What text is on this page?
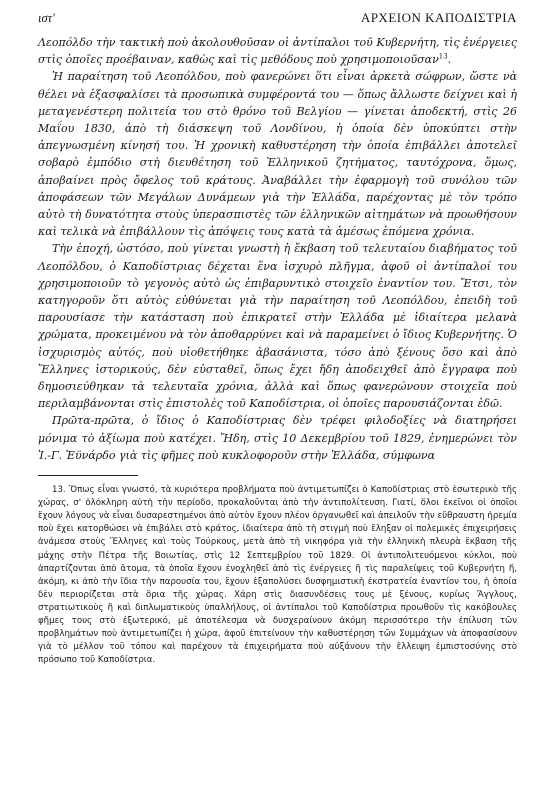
ιστ'	ΑΡΧΕΙΟΝ ΚΑΠΟΔΙΣΤΡΙΑ

Λεοπόλδο τὴν τακτικὴ ποὺ ἀκολουθοῦσαν οἱ ἀντίπαλοι τοῦ Κυβερνήτη, τὶς ἐνέργειες στὶς ὁποῖες προέβαιναν, καθὼς καὶ τὶς μεθόδους ποὺ χρησιμοποιοῦσαν$^{13}$.

Ἡ παραίτηση τοῦ Λεοπόλδου, ποὺ φανερώνει ὅτι εἶναι ἀρκετὰ σώφρων, ὥστε νὰ θέλει νὰ ἐξασφαλίσει τὰ προσωπικὰ συμφέροντά του — ὅπως ἄλλωστε δείχνει καὶ ἡ μεταγενέστερη πολιτεία του στὸ θρόνο τοῦ Βελγίου — γίνεται ἀποδεκτή, στὶς 26 Μαΐου 1830, ἀπὸ τὴ διάσκεψη τοῦ Λονδίνου, ἡ ὁποία δὲν ὑποκύπτει στὴν ἀπεγνωσμένη κίνησή του. Ἡ χρονικὴ καθυστέρηση τὴν ὁποία ἐπιβάλλει ἀποτελεῖ σοβαρὸ ἐμπόδιο στὴ διευθέτηση τοῦ Ἑλληνικοῦ ζητήματος, ταυτόχρονα, ὅμως, ἀποβαίνει πρὸς ὄφελος τοῦ κράτους. Ἀναβάλλει τὴν ἐφαρμογὴ τοῦ συνόλου τῶν ἀποφάσεων τῶν Μεγάλων Δυνάμεων γιὰ τὴν Ἑλλάδα, παρέχοντας μὲ τὸν τρόπο αὐτὸ τὴ δυνατότητα στοὺς ὑπερασπιστὲς τῶν ἑλληνικῶν αἰτημάτων νὰ προωθήσουν καὶ τελικὰ νὰ ἐπιβάλλουν τὶς ἀπόψεις τους κατὰ τὰ ἀμέσως ἑπόμενα χρόνια.

Τὴν ἐποχή, ὡστόσο, ποὺ γίνεται γνωστὴ ἡ ἔκβαση τοῦ τελευταίου διαβήματος τοῦ Λεοπόλδου, ὁ Καποδίστριας δέχεται ἕνα ἰσχυρὸ πλῆγμα, ἀφοῦ οἱ ἀντίπαλοί του χρησιμοποιοῦν τὸ γεγονὸς αὐτὸ ὡς ἐπιβαρυντικὸ στοιχεῖο ἐναντίον του. Ἔτσι, τὸν κατηγοροῦν ὅτι αὐτὸς εὐθύνεται γιὰ τὴν παραίτηση τοῦ Λεοπόλδου, ἐπειδὴ τοῦ παρουσίασε τὴν κατάσταση ποὺ ἐπικρατεῖ στὴν Ἑλλάδα μὲ ἰδιαίτερα μελανὰ χρώματα, προκειμένου νὰ τὸν ἀποθαρρύνει καὶ νὰ παραμείνει ὁ ἴδιος Κυβερνήτης. Ὁ ἰσχυρισμὸς αὐτός, ποὺ υἱοθετήθηκε ἀβασάνιστα, τόσο ἀπὸ ξένους ὅσο καὶ ἀπὸ Ἕλληνες ἱστορικούς, δὲν εὐσταθεῖ, ὅπως ἔχει ἤδη ἀποδειχθεῖ ἀπὸ ἔγγραφα ποὺ δημοσιεύθηκαν τὰ τελευταῖα χρόνια, ἀλλὰ καὶ ὅπως φανερώνουν στοιχεῖα ποὺ περιλαμβάνονται στὶς ἐπιστολὲς τοῦ Καποδίστρια, οἱ ὁποῖες παρουσιάζονται ἐδῶ.

Πρῶτα-πρῶτα, ὁ ἴδιος ὁ Καποδίστριας δὲν τρέφει φιλοδοξίες νὰ διατηρήσει μόνιμα τὸ ἀξίωμα ποὺ κατέχει. Ἤδη, στὶς 10 Δεκεμβρίου τοῦ 1829, ἐνημερώνει τὸν Ἰ.-Γ. Ἐϋνάρδο γιὰ τὶς φῆμες ποὺ κυκλοφοροῦν στὴν Ἑλλάδα, σύμφωνα

13. Ὅπως εἶναι γνωστό, τὰ κυριότερα προβλήματα ποὺ ἀντιμετωπίζει ὁ Καποδίστριας στὸ ἐσωτερικὸ τῆς χώρας, σ' ὁλόκληρη αὐτὴ τὴν περίοδο, προκαλοῦνται ἀπὸ τὴν ἀντιπολίτευση. Γιατί, ὅλοι ἐκεῖνοι οἱ ὁποῖοι ἔχουν λόγους νὰ εἶναι δυσαρεστημένοι ἀπὸ αὐτὸν ἔχουν πλέον ὀργανωθεῖ καὶ ἀπειλοῦν τὴν εὔθραυστη ἠρεμία ποὺ ἔχει κατορθώσει νὰ ἐπιβάλει στὸ κράτος, ἰδιαίτερα ἀπὸ τὴ στιγμὴ ποὺ ἔληξαν οἱ πολεμικὲς ἐπιχειρήσεις ἀνάμεσα στοὺς Ἕλληνες καὶ τοὺς Τούρκους, μετὰ ἀπὸ τὴ νικηφόρα γιὰ τὴν ἑλληνικὴ πλευρὰ ἔκβαση τῆς μάχης στὴν Πέτρα τῆς Βοιωτίας, στὶς 12 Σεπτεμβρίου τοῦ 1829. Οἱ ἀντιπολιτευόμενοι κύκλοι, ποὺ ἀπαρτίζονται ἀπὸ ἄτομα, τὰ ὁποῖα ἔχουν ἐνοχληθεῖ ἀπὸ τὶς ἐνέργειες ἢ τὶς παραλείψεις τοῦ Κυβερνήτη ἤ, ἀκόμη, κι ἀπὸ τὴν ἴδια τὴν παρουσία του, ἔχουν ἐξαπολύσει δυσφημιστικὴ ἐκστρατεία ἐναντίον του, ἡ ὁποία δὲν περιορίζεται στὰ ὅρια τῆς χώρας. Χάρη στὶς διασυνδέσεις τους μὲ ξένους, κυρίως Ἄγγλους, στρατιωτικοὺς ἢ καὶ διπλωματικοὺς ὑπαλλήλους, οἱ ἀντίπαλοι τοῦ Καποδίστρια προωθοῦν τὶς κακόβουλες φῆμες τους στὸ ἐξωτερικό, μὲ ἀποτέλεσμα νὰ δυσχεραίνουν ἀκόμη περισσότερο τὴν ἐπίλυση τῶν προβλημάτων ποὺ ἀντιμετωπίζει ἡ χώρα, ἀφοῦ ἐπιτείνουν τὴν καθυστέρηση τῶν Συμμάχων νὰ ἀποφασίσουν γιὰ τὸ μέλλον τοῦ τόπου καὶ παρέχουν τὰ ἐπιχειρήματα ποὺ αὐξάνουν τὴν ἔλλειψη ἐμπιστοσύνης στὸ πρόσωπο τοῦ Καποδίστρια.
